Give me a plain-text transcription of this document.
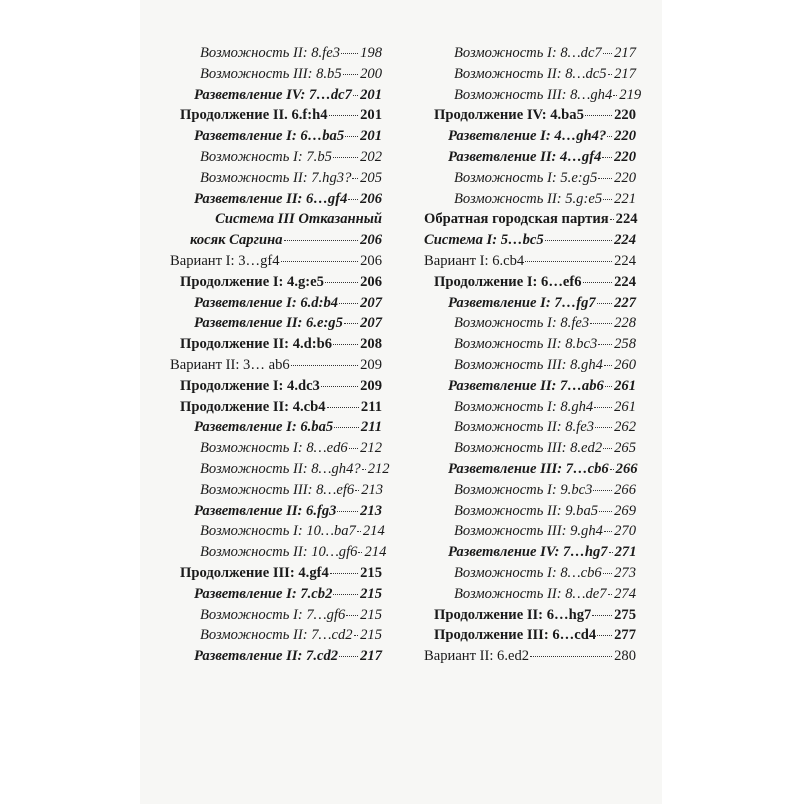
Возможность II: 8.fe3 198
Возможность III: 8.b5 200
Разветвление IV: 7…dc7 201
Продолжение II. 6.f:h4 201
Разветвление I: 6…ba5 201
Возможность I: 7.b5 202
Возможность II: 7.hg3? 205
Разветвление II: 6…gf4 206
Система III Отказанный
косяк Саргина	206
Вариант I: 3…gf4	206
Продолжение I: 4.g:e5 206
Разветвление I: 6.d:b4 207
Разветвление II: 6.e:g5 207
Продолжение II: 4.d:b6 208
Вариант II: 3… ab6	209
Продолжение I: 4.dc3	209
Продолжение II: 4.cb4 211
Разветвление I: 6.ba5 211
Возможность I: 8…ed6 212
Возможность II: 8…gh4? 212
Возможность III: 8…ef6 213
Разветвление II: 6.fg3 213
Возможность I: 10…ba7 214
Возможность II: 10…gf6 214
Продолжение III: 4.gf4 215
Разветвление I: 7.cb2 215
Возможность I: 7…gf6 215
Возможность II: 7…cd2 215
Разветвление II: 7.cd2 217
Возможность I: 8…dc7 217
Возможность II: 8…dc5 217
Возможность III: 8…gh4 219
Продолжение IV: 4.ba5 220
Разветвление I: 4…gh4? 220
Разветвление II: 4…gf4 220
Возможность I: 5.e:g5 220
Возможность II: 5.g:e5 221
Обратная городская партия 224
Система I: 5…bc5	224
Вариант I: 6.cb4	224
Продолжение I: 6…ef6 224
Разветвление I: 7…fg7 227
Возможность I: 8.fe3 228
Возможность II: 8.bc3 258
Возможность III: 8.gh4 260
Разветвление II: 7…ab6 261
Возможность I: 8.gh4 261
Возможность II: 8.fe3 262
Возможность III: 8.ed2 265
Разветвление III: 7…cb6 266
Возможность I: 9.bc3 266
Возможность II: 9.ba5 269
Возможность III: 9.gh4 270
Разветвление IV: 7…hg7 271
Возможность I: 8…cb6 273
Возможность II: 8…de7 274
Продолжение II: 6…hg7 275
Продолжение III: 6…cd4 277
Вариант II: 6.ed2	280
